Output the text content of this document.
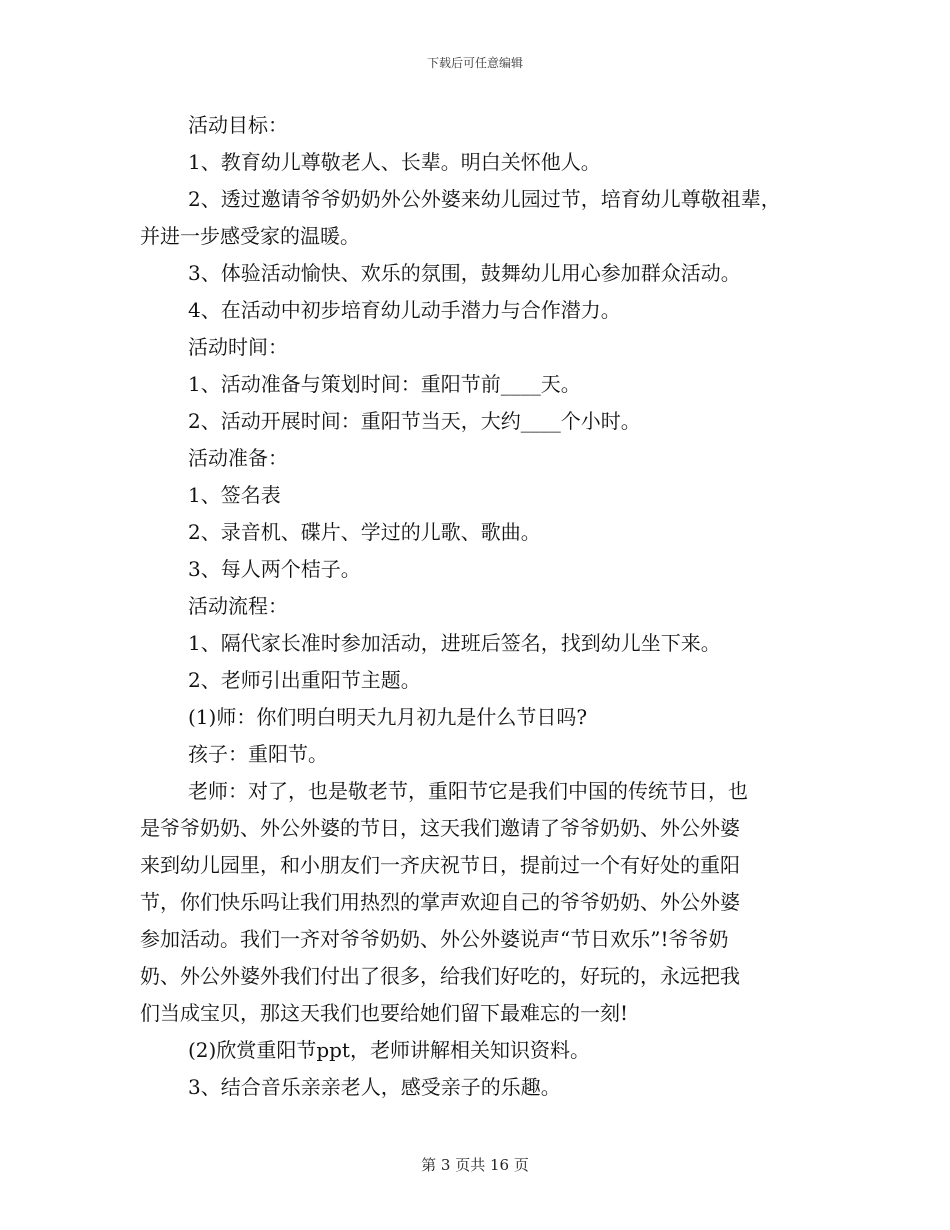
下载后可任意编辑
活动目标：
1、教育幼儿尊敬老人、长辈。明白关怀他人。
2、透过邀请爷爷奶奶外公外婆来幼儿园过节，培育幼儿尊敬祖辈，
并进一步感受家的温暖。
3、体验活动愉快、欢乐的氛围，鼓舞幼儿用心参加群众活动。
4、在活动中初步培育幼儿动手潜力与合作潜力。
活动时间：
1、活动准备与策划时间：重阳节前____天。
2、活动开展时间：重阳节当天，大约____个小时。
活动准备：
1、签名表
2、录音机、碟片、学过的儿歌、歌曲。
3、每人两个桔子。
活动流程：
1、隔代家长准时参加活动，进班后签名，找到幼儿坐下来。
2、老师引出重阳节主题。
(1)师：你们明白明天九月初九是什么节日吗?
孩子：重阳节。
老师：对了，也是敬老节，重阳节它是我们中国的传统节日，也
是爷爷奶奶、外公外婆的节日，这天我们邀请了爷爷奶奶、外公外婆
来到幼儿园里，和小朋友们一齐庆祝节日，提前过一个有好处的重阳
节，你们快乐吗让我们用热烈的掌声欢迎自己的爷爷奶奶、外公外婆
参加活动。我们一齐对爷爷奶奶、外公外婆说声“节日欢乐”!爷爷奶
奶、外公外婆外我们付出了很多，给我们好吃的，好玩的，永远把我
们当成宝贝，那这天我们也要给她们留下最难忘的一刻!
(2)欣赏重阳节ppt，老师讲解相关知识资料。
3、结合音乐亲亲老人，感受亲子的乐趣。
第 3 页共 16 页
